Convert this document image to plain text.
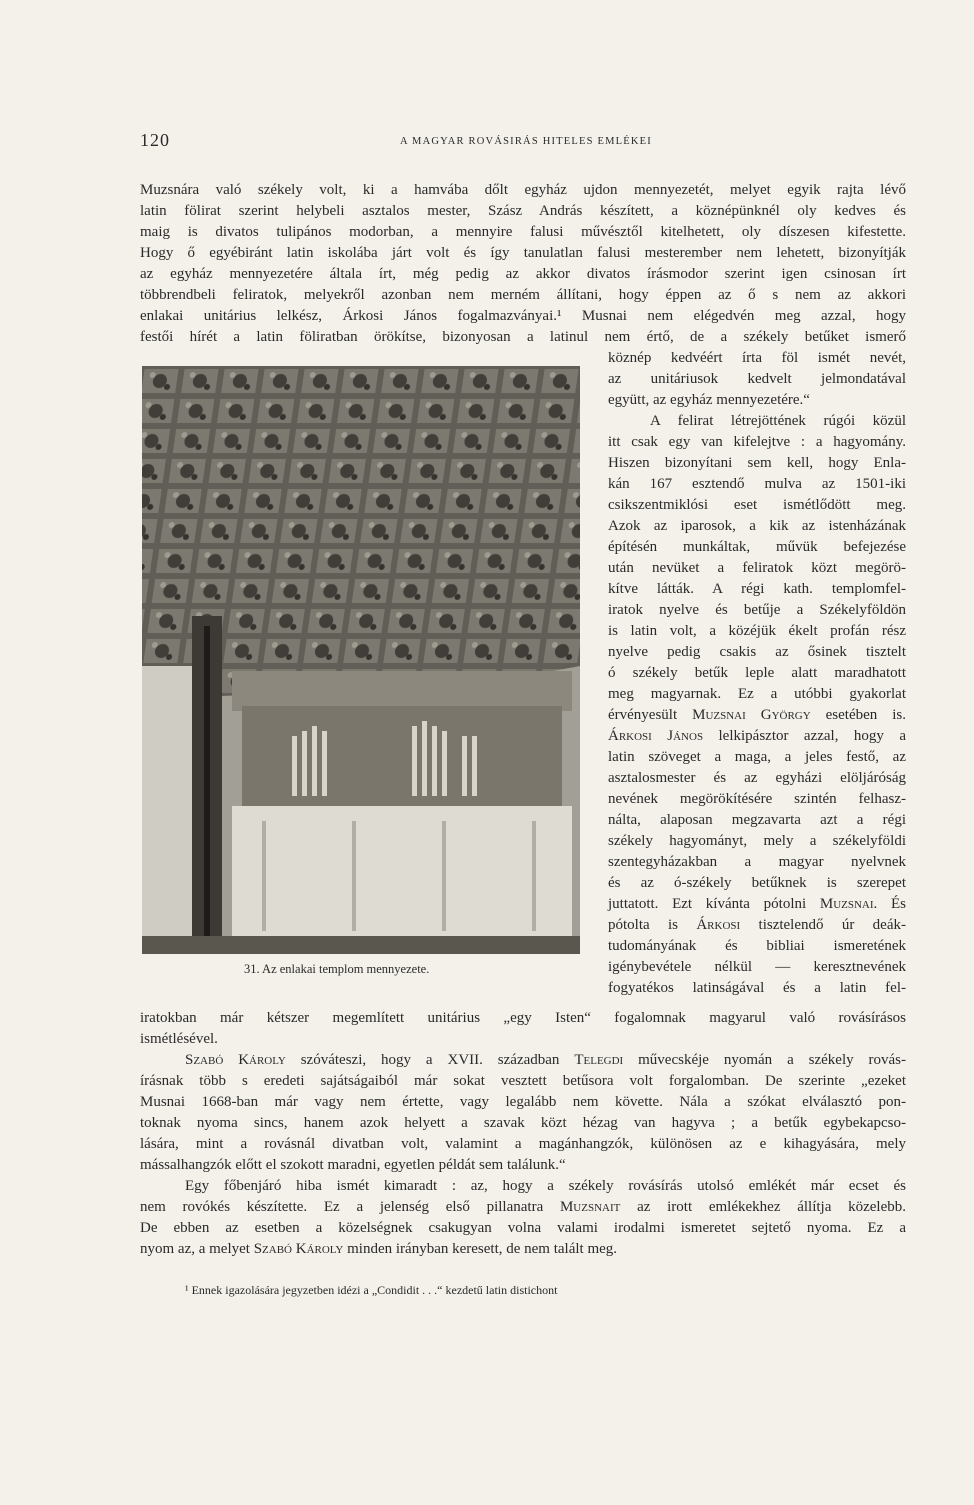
120	A MAGYAR ROVÁSIRÁS HITELES EMLÉKEI
Muzsnára való székely volt, ki a hamvába dőlt egyház ujdon mennyezetét, melyet egyik rajta lévő
latin fölirat szerint helybeli asztalos mester, Szász András készített, a köznépünknél oly kedves és
maig is divatos tulipános modorban, a mennyire falusi művésztől kitelhetett, oly díszesen kifestette.
Hogy ő egyébiránt latin iskolába járt volt és így tanulatlan falusi mesterember nem lehetett, bizonyítják
az egyház mennyezetére általa írt, még pedig az akkor divatos írásmodor szerint igen csinosan írt
többrendbeli feliratok, melyekről azonban nem merném állítani, hogy éppen az ő s nem az akkori
enlakai unitárius lelkész, Árkosi János fogalmazványai.¹ Musnai nem elégedvén meg azzal, hogy
festői hírét a latin föliratban örökítse, bizonyosan a latinul nem értő, de a székely betűket ismerő
köznép kedvéért írta föl ismét nevét,
az unitáriusok kedvelt jelmondatával
együtt, az egyház mennyezetére.“
A felirat létrejöttének rúgói közül
itt csak egy van kifelejtve : a hagyomány.
Hiszen bizonyítani sem kell, hogy Enla-
kán 167 esztendő mulva az 1501-iki
csikszentmiklósi eset ismétlődött meg.
Azok az iparosok, a kik az istenházának
építésén munkáltak, művük befejezése
után nevüket a feliratok közt megörö-
kítve látták. A régi kath. templomfel-
iratok nyelve és betűje a Székelyföldön
is latin volt, a közéjük ékelt profán rész
nyelve pedig csakis az ősinek tisztelt
ó székely betűk leple alatt maradhatott
meg magyarnak. Ez a utóbbi gyakorlat
érvényesült Muzsnai György esetében is.
Árkosi János lelkipásztor azzal, hogy a
latin szöveget a maga, a jeles festő, az
asztalosmester és az egyházi elöljáróság
nevének megörökítésére szintén felhasz-
nálta, alaposan megzavarta azt a régi
székely hagyományt, mely a székelyföldi
szentegyházakban a magyar nyelvnek
és az ó-székely betűknek is szerepet
juttatott. Ezt kívánta pótolni Muzsnai. És
pótolta is Árkosi tisztelendő úr deák-
tudományának és bibliai ismeretének
igénybevétele nélkül — keresztnevének
fogyatékos latinságával és a latin fel-
31. Az enlakai templom mennyezete.
iratokban már kétszer megemlített unitárius „egy Isten“ fogalomnak magyarul való rovásírásos
ismétlésével.
Szabó Károly szóváteszi, hogy a XVII. században Telegdi művecskéje nyomán a székely rovás-
írásnak több s eredeti sajátságaiból már sokat vesztett betűsora volt forgalomban. De szerinte „ezeket
Musnai 1668-ban már vagy nem értette, vagy legalább nem követte. Nála a szókat elválasztó pon-
toknak nyoma sincs, hanem azok helyett a szavak közt hézag van hagyva ; a betűk egybekapcso-
lására, mint a rovásnál divatban volt, valamint a magánhangzók, különösen az e kihagyására, mely
mássalhangzók előtt el szokott maradni, egyetlen példát sem találunk.“
Egy főbenjáró hiba ismét kimaradt : az, hogy a székely rovásírás utolsó emlékét már ecset és
nem rovókés készítette. Ez a jelenség első pillanatra Muzsnait az irott emlékekhez állítja közelebb.
De ebben az esetben a közelségnek csakugyan volna valami irodalmi ismeretet sejtető nyoma. Ez a
nyom az, a melyet Szabó Károly minden irányban keresett, de nem talált meg.
¹ Ennek igazolására jegyzetben idézi a „Condidit . . .“ kezdetű latin distichont
